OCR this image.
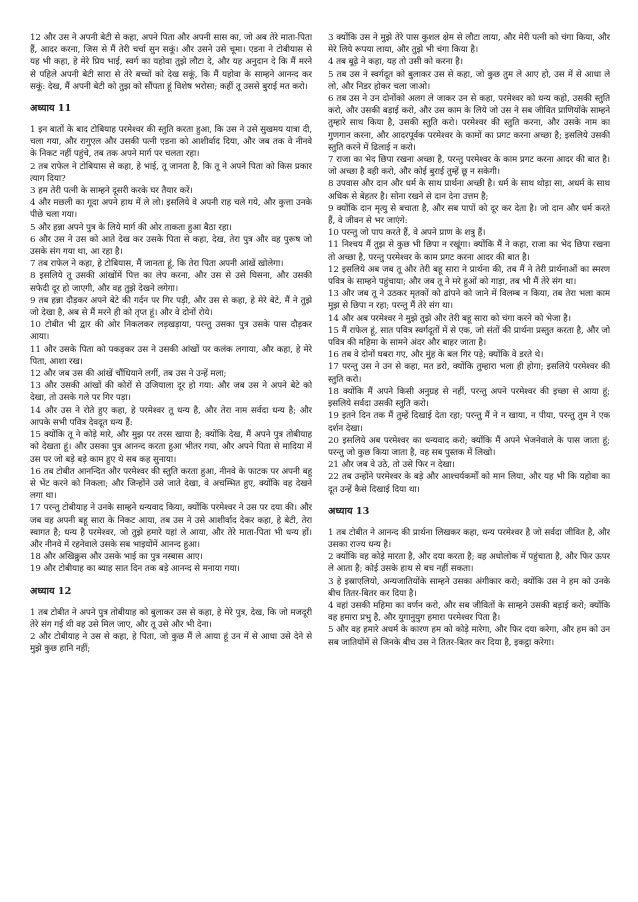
12 और उस ने अपनी बेटी से कहा, अपने पिता और अपनी सास का, जो अब तेरे माता-पिता हैं, आदर करना, जिस से मैं तेरी चर्चा सुन सकूं। और उसने उसे चूमा। एडना ने टोबीयास से यह भी कहा, हे मेरे प्रिय भाई, स्वर्ग का यहोवा तुझे लौटा दे, और यह अनुदान दे कि मैं मरने से पहिले अपनी बेटी सारा से तेरे बच्चों को देख सकूं, कि मैं यहोवा के साम्हने आनन्द कर सकूं: देख, मैं अपनी बेटी को तुझ को सौंपता हूं विशेष भरोसा; कहीं तू उससे बुराई मत करो।

अध्याय 11

1 इन बातों के बाद टोबियाह परमेश्वर की स्तुति करता हुआ, कि उस ने उसे सुखमय यात्रा दी, चला गया, और रागुएल और उसकी पत्नी एडना को आशीर्वाद दिया, और जब तक वे नीनवे के निकट नहीं पहुंचे, तब तक अपने मार्ग पर चलता रहा।

2 तब राफेल ने टोबियास से कहा, हे भाई, तू जानता है, कि तू ने अपने पिता को किस प्रकार त्याग दिया?

3 हम तेरी पत्नी के साम्हने दूसरी करके घर तैयार करें।

4 और मछली का गूदा अपने हाथ में ले लो। इसलिये वे अपनी राह चले गये, और कुत्ता उनके पीछे चला गया।

5 और हन्ना अपने पुत्र के लिये मार्ग की ओर ताकता हुआ बैठा रहा।

6 और उस ने उस को आते देख कर उसके पिता से कहा, देख, तेरा पुत्र और वह पुरूष जो उसके संग गया था, आ रहा है।

7 तब राफेल ने कहा, हे टोबियास, मैं जानता हूं, कि तेरा पिता अपनी आंखें खोलेगा।

8 इसलिये तू उसकी आंखोंमें पित्त का लेप करना, और उस से उसे घिसना, और उसकी सफेदी दूर हो जाएगी, और वह तुझे देखने लगेगा।

9 तब हन्ना दौड़कर अपने बेटे की गर्दन पर गिर पड़ी, और उस से कहा, हे मेरे बेटे, मैं ने तुझे जो देखा है, अब से मैं मरने ही को तृप्त हूं। और वे दोनों रोये।

10 टोबीत भी द्वार की ओर निकलकर लड़खड़ाया, परन्तु उसका पुत्र उसके पास दौड़कर आया।

11 और उसके पिता को पकड़कर उस ने उसकी आंखों पर कलंक लगाया, और कहा, हे मेरे पिता, आशा रख।

12 और जब उस की आंखें चौंधियाने लगीं, तब उस ने उन्हें मला;

13 और उसकी आंखों की कोरों से उजियाला दूर हो गया: और जब उस ने अपने बेटे को देखा, तो उसके गले पर गिर पड़ा।

14 और उस ने रोते हुए कहा, हे परमेश्वर तू धन्य है, और तेरा नाम सर्वदा धन्य है; और आपके सभी पवित्र देवदूत धन्य हैं:

15 क्योंकि तू ने कोड़े मारे, और मुझ पर तरस खाया है; क्योंकि देख, मैं अपने पुत्र तोबीयाह को देखता हूं। और उसका पुत्र आनन्द करता हुआ भीतर गया, और अपने पिता से मादिया में उस पर जो बड़े बड़े काम हुए थे सब कह सुनाया।

16 तब टोबीत आनन्दित और परमेश्वर की स्तुति करता हुआ, नीनवे के फाटक पर अपनी बहू से भेंट करने को निकला; और जिन्होंने उसे जाते देखा, वे अचम्भित हुए, क्योंकि वह देखने लगा था।

17 परन्तु टोबीयाह ने उनके साम्हने धन्यवाद किया, क्योंकि परमेश्वर ने उस पर दया की। और जब वह अपनी बहू सारा के निकट आया, तब उस ने उसे आशीर्वाद देकर कहा, हे बेटी, तेरा स्वागत है; धन्य है परमेश्वर, जो तुझे हमारे यहां ले आया, और तेरे माता-पिता भी धन्य हों। और नीनवे में रहनेवाले उसके सब भाइयोंमें आनन्द हुआ।

18 और अखिक्रुस और उसके भाई का पुत्र नस्बास आए।

19 और टोबीयाह का ब्याह सात दिन तक बड़े आनन्द से मनाया गया।

अध्याय 12

1 तब टोबीत ने अपने पुत्र तोबीयाह को बुलाकर उस से कहा, हे मेरे पुत्र, देख, कि जो मजदूरी तेरे संग गई थी वह उसे मिल जाए, और तू उसे और भी देना।

2 और टोबीयाह ने उस से कहा, हे पिता, जो कुछ मैं ले आया हूं उन में से आधा उसे देने से मुझे कुछ हानि नहीं;

3 क्योंकि उस ने मुझे तेरे पास कुशल क्षेम से लौटा लाया, और मेरी पत्नी को चंगा किया, और मेरे लिये रूपया लाया, और तुझे भी चंगा किया है।

4 तब बूढ़े ने कहा, यह तो उसी को करना है।

5 तब उस ने स्वर्गदूत को बुलाकर उस से कहा, जो कुछ तुम ले आए हो, उस में से आधा ले लो, और निडर होकर चला जाओ।

6 तब उस ने उन दोनोंको अलग ले जाकर उन से कहा, परमेश्वर को धन्य कहो, उसकी स्तुति करो, और उसकी बड़ाई करो, और उस काम के लिये जो उस ने सब जीवित प्राणियोंके साम्हने तुम्हारे साथ किया है, उसकी स्तुति करो। परमेश्वर की स्तुति करना, और उसके नाम का गुणगान करना, और आदरपूर्वक परमेश्वर के कामों का प्रगट करना अच्छा है; इसलिये उसकी स्तुति करने में ढिलाई न करो।

7 राजा का भेद छिपा रखना अच्छा है, परन्तु परमेश्वर के काम प्रगट करना आदर की बात है। जो अच्छा है वही करो, और कोई बुराई तुम्हें छू न सकेगी।

8 उपवास और दान और धर्म के साथ प्रार्थना अच्छी है। धर्म के साथ थोड़ा सा, अधर्म के साथ अधिक से बेहतर है। सोना रखने से दान देना उत्तम है;

9 क्योंकि दान मृत्यु से बचाता है, और सब पापों को दूर कर देता है। जो दान और धर्म करते हैं, वे जीवन से भर जाएंगे:

10 परन्तु जो पाप करते हैं, वे अपने प्राण के शत्रु हैं।

11 निश्चय मैं तुझ से कुछ भी छिपा न रखूंगा। क्योंकि मैं ने कहा, राजा का भेद छिपा रखना तो अच्छा है, परन्तु परमेश्वर के काम प्रगट करना आदर की बात है।

12 इसलिये अब जब तू और तेरी बहू सारा ने प्रार्थना की, तब मैं ने तेरी प्रार्थनाओं का स्मरण पवित्र के साम्हने पहुंचाया; और जब तू ने मरे हुओं को गाड़ा, तब भी मैं तेरे संग था।

13 और जब तू ने उठकर मृतकों को ढांपने को जाने में विलम्ब न किया, तब तेरा भला काम मुझ से छिपा न रहा; परन्तु मैं तेरे संग था।

14 और अब परमेश्वर ने मुझे तुझे और तेरी बहू सारा को चंगा करने को भेजा है।

15 मैं राफेल हूं, सात पवित्र स्वर्गदूतों में से एक, जो संतों की प्रार्थना प्रस्तुत करता है, और जो पवित्र की महिमा के सामने अंदर और बाहर जाता है।

16 तब वे दोनों घबरा गए, और मुंह के बल गिर पड़े; क्योंकि वे डरते थे।

17 परन्तु उस ने उन से कहा, मत डरो, क्योंकि तुम्हारा भला ही होगा; इसलिये परमेश्वर की स्तुति करो।

18 क्योंकि मैं अपने किसी अनुग्रह से नहीं, परन्तु अपने परमेश्वर की इच्छा से आया हूं; इसलिये सर्वदा उसकी स्तुति करो।

19 इतने दिन तक मैं तुम्हें दिखाई देता रहा; परन्तु मैं ने न खाया, न पीया, परन्तु तुम ने एक दर्शन देखा।

20 इसलिये अब परमेश्वर का धन्यवाद करो; क्योंकि मैं अपने भेजनेवाले के पास जाता हूं; परन्तु जो कुछ किया जाता है, वह सब पुस्तक में लिखो।

21 और जब वे उठे, तो उसे फिर न देखा।

22 तब उन्होंने परमेश्वर के बड़े और आश्चर्यकर्मों को मान लिया, और यह भी कि यहोवा का दूत उन्हें कैसे दिखाई दिया था।

अध्याय 13

1 तब टोबीत ने आनन्द की प्रार्थना लिखकर कहा, धन्य परमेश्वर है जो सर्वदा जीवित है, और उसका राज्य धन्य है।

2 क्योंकि वह कोड़े मारता है, और दया करता है; वह अधोलोक में पहुंचाता है, और फिर ऊपर ले आता है; कोई उसके हाथ से बच नहीं सकता।

3 हे इस्राएलियो, अन्यजातियोंके साम्हने उसका अंगीकार करो; क्योंकि उस ने हम को उनके बीच तितर-बितर कर दिया है।

4 वहां उसकी महिमा का वर्णन करो, और सब जीवितों के साम्हने उसकी बड़ाई करो; क्योंकि वह हमारा प्रभु है, और युगानुयुग हमारा परमेश्वर पिता है।

5 और वह हमारे अधर्म के कारण हम को कोड़े मारेगा, और फिर दया करेगा, और हम को उन सब जातियोंमें से जिनके बीच उस ने तितर-बितर कर दिया है, इकट्ठा करेगा।
